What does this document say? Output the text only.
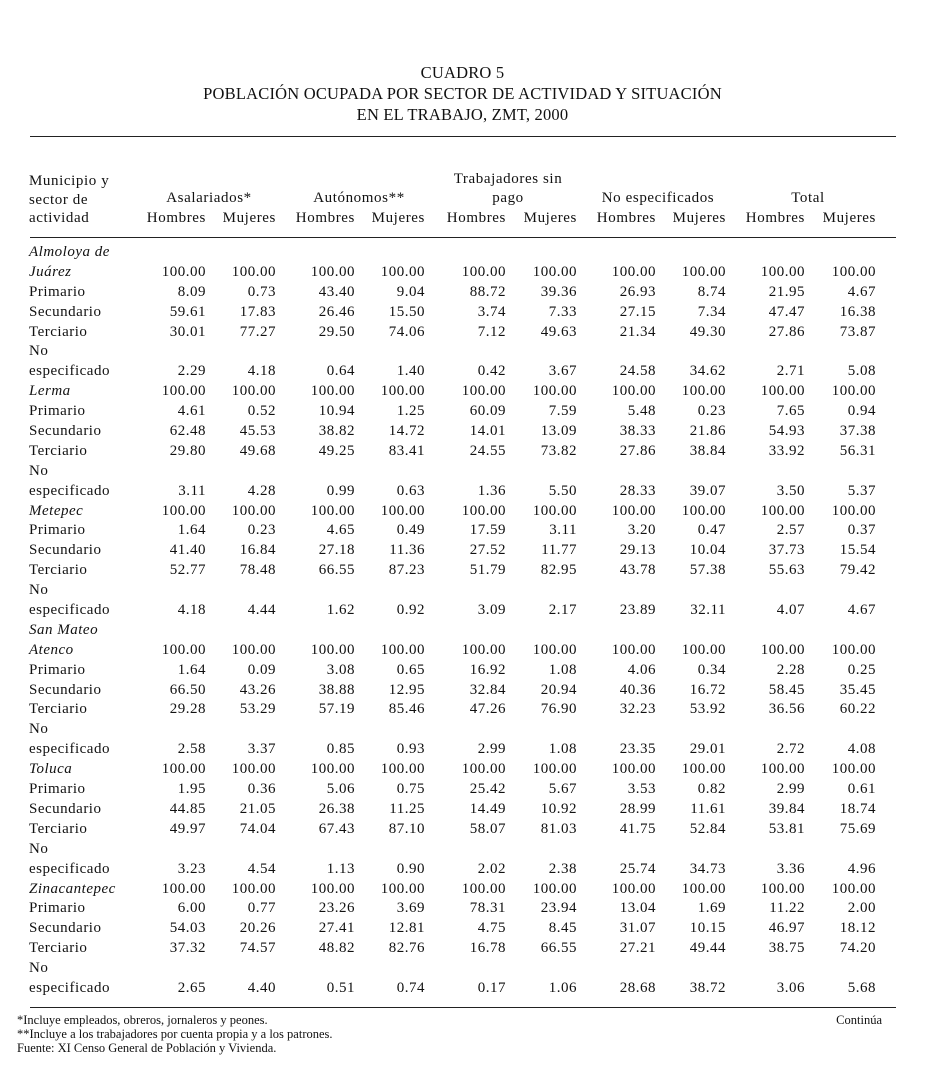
CUADRO 5
POBLACIÓN OCUPADA POR SECTOR DE ACTIVIDAD Y SITUACIÓN
EN EL TRABAJO, ZMT, 2000
Municipio y
sector de
actividad
Asalariados*	Autónomos**
Trabajadores sin
pago	No especificados	Total
Hombres Mujeres Hombres Mujeres Hombres Mujeres Hombres Mujeres Hombres Mujeres
Almoloya de
Juárez	100.00	100.00	100.00	100.00	100.00	100.00	100.00	100.00	100.00	100.00
Primario	8.09	0.73	43.40	9.04	88.72	39.36	26.93	8.74	21.95	4.67
Secundario	59.61	17.83	26.46	15.50	3.74	7.33	27.15	7.34	47.47	16.38
Terciario	30.01	77.27	29.50	74.06	7.12	49.63	21.34	49.30	27.86	73.87
No
especificado	2.29	4.18	0.64	1.40	0.42	3.67	24.58	34.62	2.71	5.08
Lerma	100.00	100.00	100.00	100.00	100.00	100.00	100.00	100.00	100.00	100.00
Primario	4.61	0.52	10.94	1.25	60.09	7.59	5.48	0.23	7.65	0.94
Secundario	62.48	45.53	38.82	14.72	14.01	13.09	38.33	21.86	54.93	37.38
Terciario	29.80	49.68	49.25	83.41	24.55	73.82	27.86	38.84	33.92	56.31
No
especificado	3.11	4.28	0.99	0.63	1.36	5.50	28.33	39.07	3.50	5.37
Metepec	100.00	100.00	100.00	100.00	100.00	100.00	100.00	100.00	100.00	100.00
Primario	1.64	0.23	4.65	0.49	17.59	3.11	3.20	0.47	2.57	0.37
Secundario	41.40	16.84	27.18	11.36	27.52	11.77	29.13	10.04	37.73	15.54
Terciario	52.77	78.48	66.55	87.23	51.79	82.95	43.78	57.38	55.63	79.42
No
especificado	4.18	4.44	1.62	0.92	3.09	2.17	23.89	32.11	4.07	4.67
San Mateo
Atenco	100.00	100.00	100.00	100.00	100.00	100.00	100.00	100.00	100.00	100.00
Primario	1.64	0.09	3.08	0.65	16.92	1.08	4.06	0.34	2.28	0.25
Secundario	66.50	43.26	38.88	12.95	32.84	20.94	40.36	16.72	58.45	35.45
Terciario	29.28	53.29	57.19	85.46	47.26	76.90	32.23	53.92	36.56	60.22
No
especificado	2.58	3.37	0.85	0.93	2.99	1.08	23.35	29.01	2.72	4.08
Toluca	100.00	100.00	100.00	100.00	100.00	100.00	100.00	100.00	100.00	100.00
Primario	1.95	0.36	5.06	0.75	25.42	5.67	3.53	0.82	2.99	0.61
Secundario	44.85	21.05	26.38	11.25	14.49	10.92	28.99	11.61	39.84	18.74
Terciario	49.97	74.04	67.43	87.10	58.07	81.03	41.75	52.84	53.81	75.69
No
especificado	3.23	4.54	1.13	0.90	2.02	2.38	25.74	34.73	3.36	4.96
Zinacantepec	100.00	100.00	100.00	100.00	100.00	100.00	100.00	100.00	100.00	100.00
Primario	6.00	0.77	23.26	3.69	78.31	23.94	13.04	1.69	11.22	2.00
Secundario	54.03	20.26	27.41	12.81	4.75	8.45	31.07	10.15	46.97	18.12
Terciario	37.32	74.57	48.82	82.76	16.78	66.55	27.21	49.44	38.75	74.20
No
especificado	2.65	4.40	0.51	0.74	0.17	1.06	28.68	38.72	3.06	5.68
*Incluye empleados, obreros, jornaleros y peones.
**Incluye a los trabajadores por cuenta propia y a los patrones.
Fuente: XI Censo General de Población y Vivienda.
Continúa
